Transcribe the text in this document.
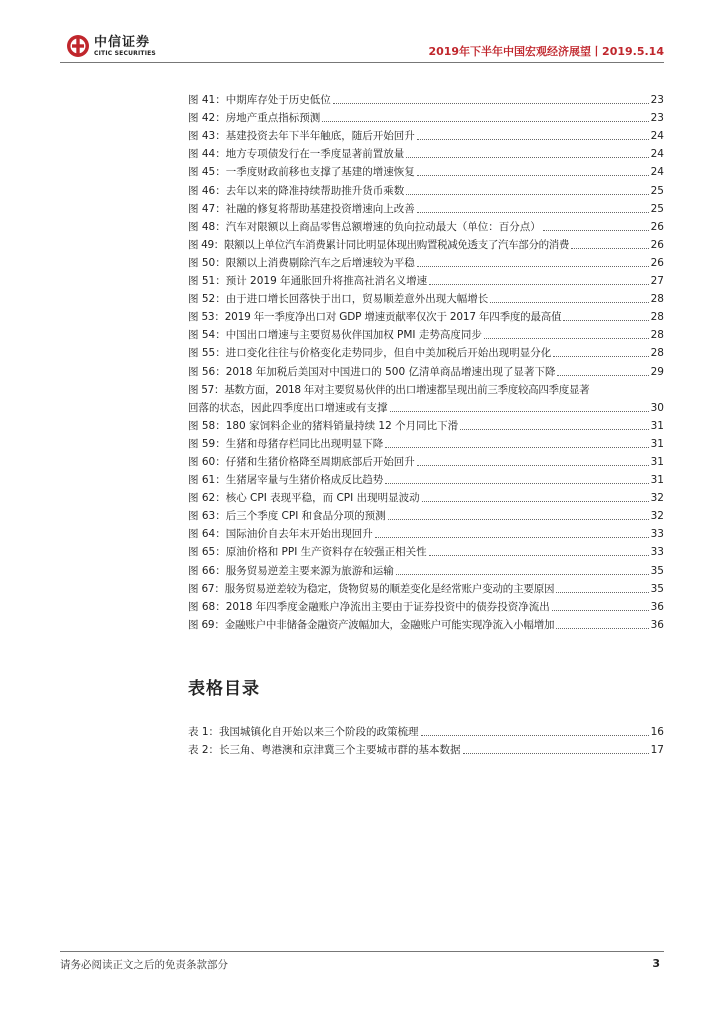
中信证券
CITIC SECURITIES	2019年下半年中国宏观经济展望丨2019.5.14
图 41：中期库存处于历史低位	23
图 42：房地产重点指标预测	23
图 43：基建投资去年下半年触底，随后开始回升	24
图 44：地方专项债发行在一季度显著前置放量	24
图 45：一季度财政前移也支撑了基建的增速恢复	24
图 46：去年以来的降准持续帮助推升货币乘数	25
图 47：社融的修复将帮助基建投资增速向上改善	25
图 48：汽车对限额以上商品零售总额增速的负向拉动最大（单位：百分点）	26
图 49：限额以上单位汽车消费累计同比明显体现出购置税减免透支了汽车部分的消费	26
图 50：限额以上消费剔除汽车之后增速较为平稳	26
图 51：预计 2019 年通胀回升将推高社消名义增速	27
图 52：由于进口增长回落快于出口，贸易顺差意外出现大幅增长	28
图 53：2019 年一季度净出口对 GDP 增速贡献率仅次于 2017 年四季度的最高值	28
图 54：中国出口增速与主要贸易伙伴国加权 PMI 走势高度同步	28
图 55：进口变化往往与价格变化走势同步，但自中美加税后开始出现明显分化	28
图 56：2018 年加税后美国对中国进口的 500 亿清单商品增速出现了显著下降	29
图 57：基数方面，2018 年对主要贸易伙伴的出口增速都呈现出前三季度较高四季度显著
回落的状态，因此四季度出口增速或有支撑	30
图 58：180 家饲料企业的猪料销量持续 12 个月同比下滑	31
图 59：生猪和母猪存栏同比出现明显下降	31
图 60：仔猪和生猪价格降至周期底部后开始回升	31
图 61：生猪屠宰量与生猪价格成反比趋势	31
图 62：核心 CPI 表现平稳，而 CPI 出现明显波动	32
图 63：后三个季度 CPI 和食品分项的预测	32
图 64：国际油价自去年末开始出现回升	33
图 65：原油价格和 PPI 生产资料存在较强正相关性	33
图 66：服务贸易逆差主要来源为旅游和运输	35
图 67：服务贸易逆差较为稳定，货物贸易的顺差变化是经常账户变动的主要原因	35
图 68：2018 年四季度金融账户净流出主要由于证券投资中的债券投资净流出	36
图 69：金融账户中非储备金融资产波幅加大，金融账户可能实现净流入小幅增加	36
表格目录
表 1：我国城镇化自开始以来三个阶段的政策梳理	16
表 2：长三角、粤港澳和京津冀三个主要城市群的基本数据	17
请务必阅读正文之后的免责条款部分	3
